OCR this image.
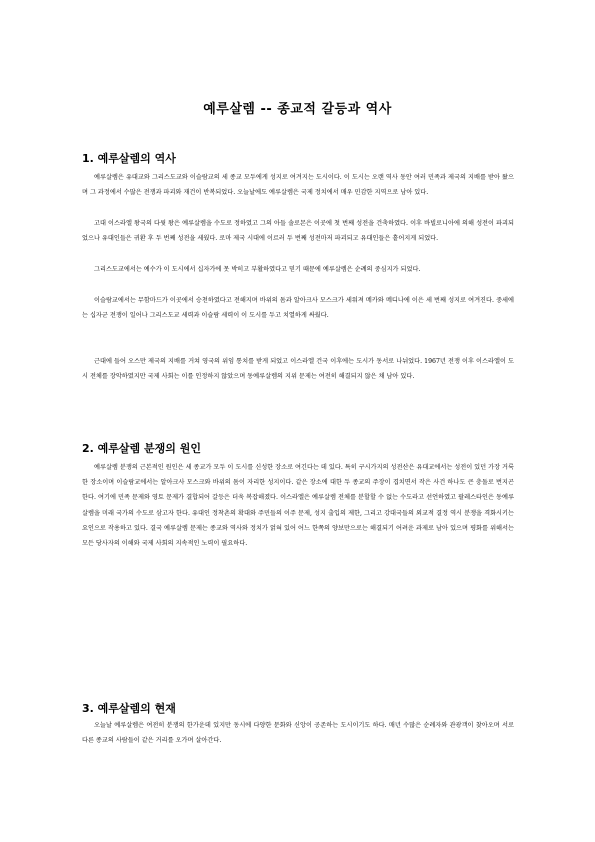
예루살렘 -- 종교적 갈등과 역사
1. 예루살렘의 역사

예루살렘은 유대교와 그리스도교와 이슬람교의 세 종교 모두에게 성지로 여겨지는 도시이다. 이 도시는 오랜 역사 동안 여러 민족과 제국의 지배를 받아 왔으며 그 과정에서 수많은 전쟁과 파괴와 재건이 반복되었다. 오늘날에도 예루살렘은 국제 정치에서 매우 민감한 지역으로 남아 있다.

고대 이스라엘 왕국의 다윗 왕은 예루살렘을 수도로 정하였고 그의 아들 솔로몬은 이곳에 첫 번째 성전을 건축하였다. 이후 바빌로니아에 의해 성전이 파괴되었으나 유대인들은 귀환 후 두 번째 성전을 세웠다. 로마 제국 시대에 이르러 두 번째 성전마저 파괴되고 유대인들은 흩어지게 되었다.

그리스도교에서는 예수가 이 도시에서 십자가에 못 박히고 부활하였다고 믿기 때문에 예루살렘은 순례의 중심지가 되었다.

이슬람교에서는 무함마드가 이곳에서 승천하였다고 전해지며 바위의 돔과 알아크사 모스크가 세워져 메카와 메디나에 이은 세 번째 성지로 여겨진다. 중세에는 십자군 전쟁이 일어나 그리스도교 세력과 이슬람 세력이 이 도시를 두고 치열하게 싸웠다.

근대에 들어 오스만 제국의 지배를 거쳐 영국의 위임 통치를 받게 되었고 이스라엘 건국 이후에는 도시가 동서로 나뉘었다. 1967년 전쟁 이후 이스라엘이 도시 전체를 장악하였지만 국제 사회는 이를 인정하지 않았으며 동예루살렘의 지위 문제는 여전히 해결되지 않은 채 남아 있다.

2. 예루살렘 분쟁의 원인

예루살렘 분쟁의 근본적인 원인은 세 종교가 모두 이 도시를 신성한 장소로 여긴다는 데 있다. 특히 구시가지의 성전산은 유대교에서는 성전이 있던 가장 거룩한 장소이며 이슬람교에서는 알아크사 모스크와 바위의 돔이 자리한 성지이다. 같은 장소에 대한 두 종교의 주장이 겹치면서 작은 사건 하나도 큰 충돌로 번지곤 한다. 여기에 민족 문제와 영토 문제가 결합되어 갈등은 더욱 복잡해졌다. 이스라엘은 예루살렘 전체를 분할할 수 없는 수도라고 선언하였고 팔레스타인은 동예루살렘을 미래 국가의 수도로 삼고자 한다. 유대인 정착촌의 확대와 주민들의 이주 문제, 성지 출입의 제한, 그리고 강대국들의 외교적 결정 역시 분쟁을 격화시키는 요인으로 작용하고 있다. 결국 예루살렘 문제는 종교와 역사와 정치가 얽혀 있어 어느 한쪽의 양보만으로는 해결되기 어려운 과제로 남아 있으며 평화를 위해서는 모든 당사자의 이해와 국제 사회의 지속적인 노력이 필요하다.

3. 예루살렘의 현재

오늘날 예루살렘은 여전히 분쟁의 한가운데 있지만 동시에 다양한 문화와 신앙이 공존하는 도시이기도 하다. 매년 수많은 순례자와 관광객이 찾아오며 서로 다른 종교의 사람들이 같은 거리를 오가며 살아간다.
